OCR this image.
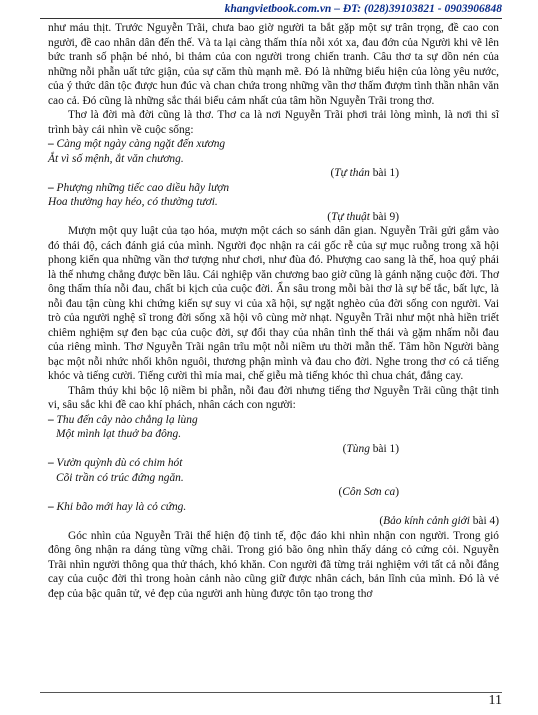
khangvietbook.com.vn – ĐT: (028)39103821 - 0903906848

như máu thịt. Trước Nguyễn Trãi, chưa bao giờ người ta bắt gặp một sự trân trọng, đề cao con người, đề cao nhân dân đến thế. Và ta lại càng thấm thía nỗi xót xa, đau đớn của Người khi vẽ lên bức tranh số phận bé nhỏ, bi thảm của con người trong chiến tranh. Câu thơ ta sự dồn nén của những nỗi phẫn uất tức giận, của sự căm thù mạnh mẽ. Đó là những biểu hiện của lòng yêu nước, của ý thức dân tộc được hun đúc và chan chứa trong những vần thơ thấm đượm tình thần nhân văn cao cả. Đó cũng là những sắc thái biểu cảm nhất của tâm hồn Nguyễn Trãi trong thơ.

Thơ là đời mà đời cũng là thơ. Thơ ca là nơi Nguyễn Trãi phơi trải lòng mình, là nơi thi sĩ trình bày cái nhìn về cuộc sống:

– Càng một ngày càng ngặt đến xương
Ắt vì số mệnh, ắt văn chương.

(Tự thán bài 1)

– Phượng những tiếc cao diều hãy lượn
Hoa thường hay héo, có thường tươi.

(Tự thuật bài 9)

Mượn một quy luật của tạo hóa, mượn một cách so sánh dân gian. Nguyễn Trãi gửi gắm vào đó thái độ, cách đánh giá của mình. Người đọc nhận ra cái gốc rễ của sự mục ruỗng trong xã hội phong kiến qua những vần thơ tượng như chơi, như đùa đó. Phượng cao sang là thế, hoa quý phái là thế nhưng chẳng được bền lâu. Cái nghiệp văn chương bao giờ cũng là gánh nặng cuộc đời. Thơ ông thấm thía nỗi đau, chất bi kịch của cuộc đời. Ẩn sâu trong mỗi bài thơ là sự bế tắc, bất lực, là nỗi đau tận cùng khi chứng kiến sự suy vi của xã hội, sự ngặt nghèo của đời sống con người. Vai trò của người nghệ sĩ trong đời sống xã hội vô cùng mờ nhạt. Nguyễn Trãi như một nhà hiền triết chiêm nghiệm sự đen bạc của cuộc đời, sự đổi thay của nhân tình thế thái và gặm nhấm nỗi đau của riêng mình. Thơ Nguyễn Trãi ngân trĩu một nỗi niềm ưu thời mẫn thế. Tâm hồn Người bàng bạc một nỗi nhức nhối khôn nguôi, thương phận mình và đau cho đời. Nghe trong thơ có cả tiếng khóc và tiếng cười. Tiếng cười thì mỉa mai, chế giễu mà tiếng khóc thì chua chát, đắng cay.

Thâm thúy khi bộc lộ niềm bi phẫn, nỗi đau đời nhưng tiếng thơ Nguyễn Trãi cũng thật tinh vi, sâu sắc khi đề cao khí phách, nhân cách con người:

– Thu đến cây nào chẳng lạ lùng
Một mình lạt thuở ba đông.

(Tùng bài 1)

– Vườn quỳnh dù có chim hót
Cõi trần có trúc đứng ngăn.

(Côn Sơn ca)

– Khi bão mới hay là cỏ cứng.

(Bảo kính cảnh giới bài 4)

Góc nhìn của Nguyễn Trãi thể hiện độ tinh tế, độc đáo khi nhìn nhận con người. Trong gió đông ông nhận ra dáng tùng vững chãi. Trong gió bão ông nhìn thấy dáng cỏ cứng cỏi. Nguyễn Trãi nhìn người thông qua thử thách, khó khăn. Con người đã từng trải nghiệm với tất cả nỗi đắng cay của cuộc đời thì trong hoàn cảnh nào cũng giữ được nhân cách, bản lĩnh của mình. Đó là vẻ đẹp của bậc quân tử, vẻ đẹp của người anh hùng được tôn tạo trong thơ

11
